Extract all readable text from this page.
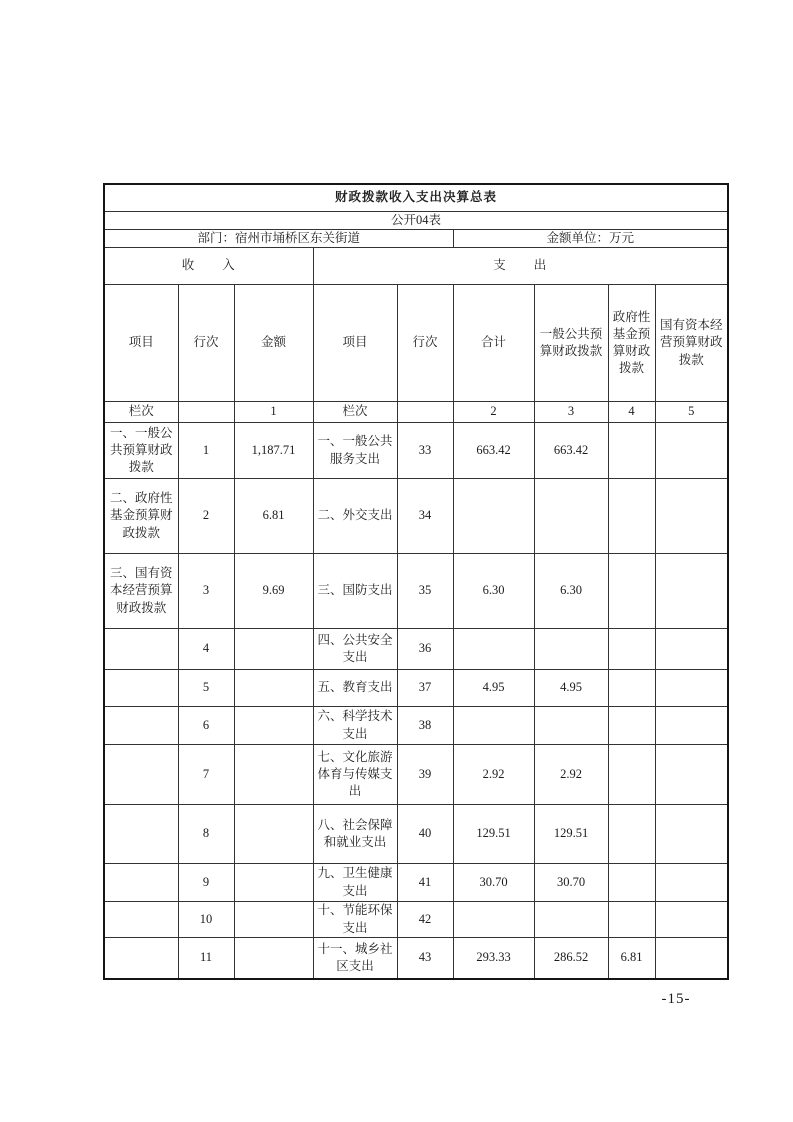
财政拨款收入支出决算总表								
公开04表								
部门：宿州市埇桥区东关街道					金额单位：万元			
收　　入			支　　出					
项目	行次	金额	项目	行次	合计	一般公共预算财政拨款	政府性基金预算财政拨款	国有资本经营预算财政拨款
栏次		1	栏次		2	3	4	5
一、一般公共预算财政拨款	1	1,187.71	一、一般公共服务支出	33	663.42	663.42		
二、政府性基金预算财政拨款	2	6.81	二、外交支出	34				
三、国有资本经营预算财政拨款	3	9.69	三、国防支出	35	6.30	6.30		
	4		四、公共安全支出	36				
	5		五、教育支出	37	4.95	4.95		
	6		六、科学技术支出	38				
	7		七、文化旅游体育与传媒支出	39	2.92	2.92		
	8		八、社会保障和就业支出	40	129.51	129.51		
	9		九、卫生健康支出	41	30.70	30.70		
	10		十、节能环保支出	42				
	11		十一、城乡社区支出	43	293.33	286.52	6.81	
-15-
